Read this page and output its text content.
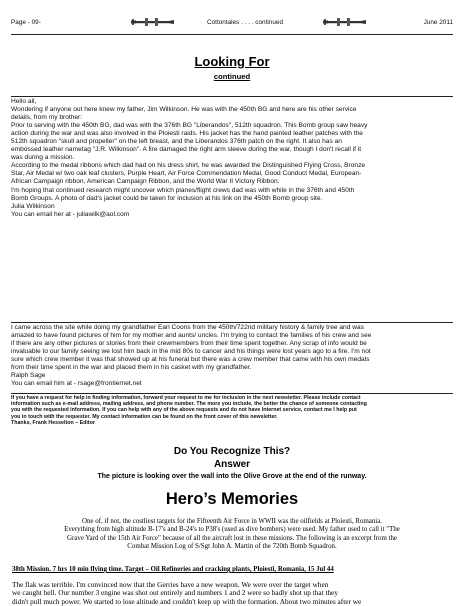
Page - 09-	Cottontales . . . . continued	June 2011
Looking For
continued

Hello all,

Wondering if anyone out here knew my father, Jim Wilkinson. He was with the 450th BG and here are his other service

details, from my brother:

Prior to serving with the 450th BG, dad was with the 376th BG "Liberandos", 512th squadron. This Bomb group saw heavy

action during the war and was also involved in the Ploiesti raids. His jacket has the hand painted leather patches with the

512th squadron "skull and propeller" on the left breast, and the Liberandos 376th patch on the right. It also has an

embossed leather nametag "J.R. Wilkinson". A fire damaged the right arm sleeve during the war, though I don't recall if it

was during a mission.

According to the medal ribbons which dad had on his dress shirt, he was awarded the Distinguished Flying Cross, Bronze

Star, Air Medal w/ two oak leaf clusters, Purple Heart, Air Force Commendation Medal, Good Conduct Medal, European-

African Campaign ribbon, American Campaign Ribbon, and the World War II Victory Ribbon.

I'm hoping that continued research might uncover which planes/flight crews dad was with while in the 376th and 450th

Bomb Groups. A photo of dad's jacket could be taken for inclusion at his link on the 450th Bomb group site.

Julia Wilkinson

You can email her at - juliawilk@aol.com

I came across the site while doing my grandfather Earl Coons from the 450th/722nd military history & family tree and was

amazed to have found pictures of him for my mother and aunts/ uncles. I'm trying to contact the families of his crew and see

if there are any other pictures or stories from their crewmembers from their time spent together. Any scrap of info would be

invaluable to our family seeing we lost him back in the mid 80s to cancer and his things were lost years ago to a fire. I'm not

sure which crew member it was that showed up at his funeral but there was a crew member that came with his own medals

from their time spent in the war and placed them in his casket with my grandfather.

Ralph Sage

You can email him at - rsage@frontiernet.net

If you have a request for help in finding information, forward your request to me for inclusion in the next newsletter. Please include contact
information such as e-mail address, mailing address, and phone number. The more you include, the better the chance of someone contacting
you with the requested information. If you can help with any of the above requests and do not have Internet service, contact me I help put
you in touch with the requester. My contact information can be found on the front cover of this newsletter.
Thanks, Frank Hesselton – Editor
Do You Recognize This?
Answer
The picture is looking over the wall into the Olive Grove at the end of the runway.
Hero’s Memories

One of, if not, the costliest targets for the Fifteenth Air Force in WWII was the oilfields at Ploiesti, Romania.

Everything from high altitude B-17's and B-24's to P38's (used as dive bombers) were used. My father used to call it "The

Grave Yard of the 15th Air Force" because of all the aircraft lost in these missions. The following is an excerpt from the

Combat Mission Log of S/Sgt John A. Martin of the 720th Bomb Squadron.

38th Mission. 7 hrs 10 min flying time. Target – Oil Refineries and cracking plants, Ploiesti, Romania, 15 Jul 44

The flak was terrible. I'm convinced now that the Gerries have a new weapon. We were over the target when

we caught hell. Our number 3 engine was shot out entirely and numbers 1 and 2 were so badly shot up that they

didn't pull much power. We started to lose altitude and couldn't keep up with the formation. About two minutes after we
